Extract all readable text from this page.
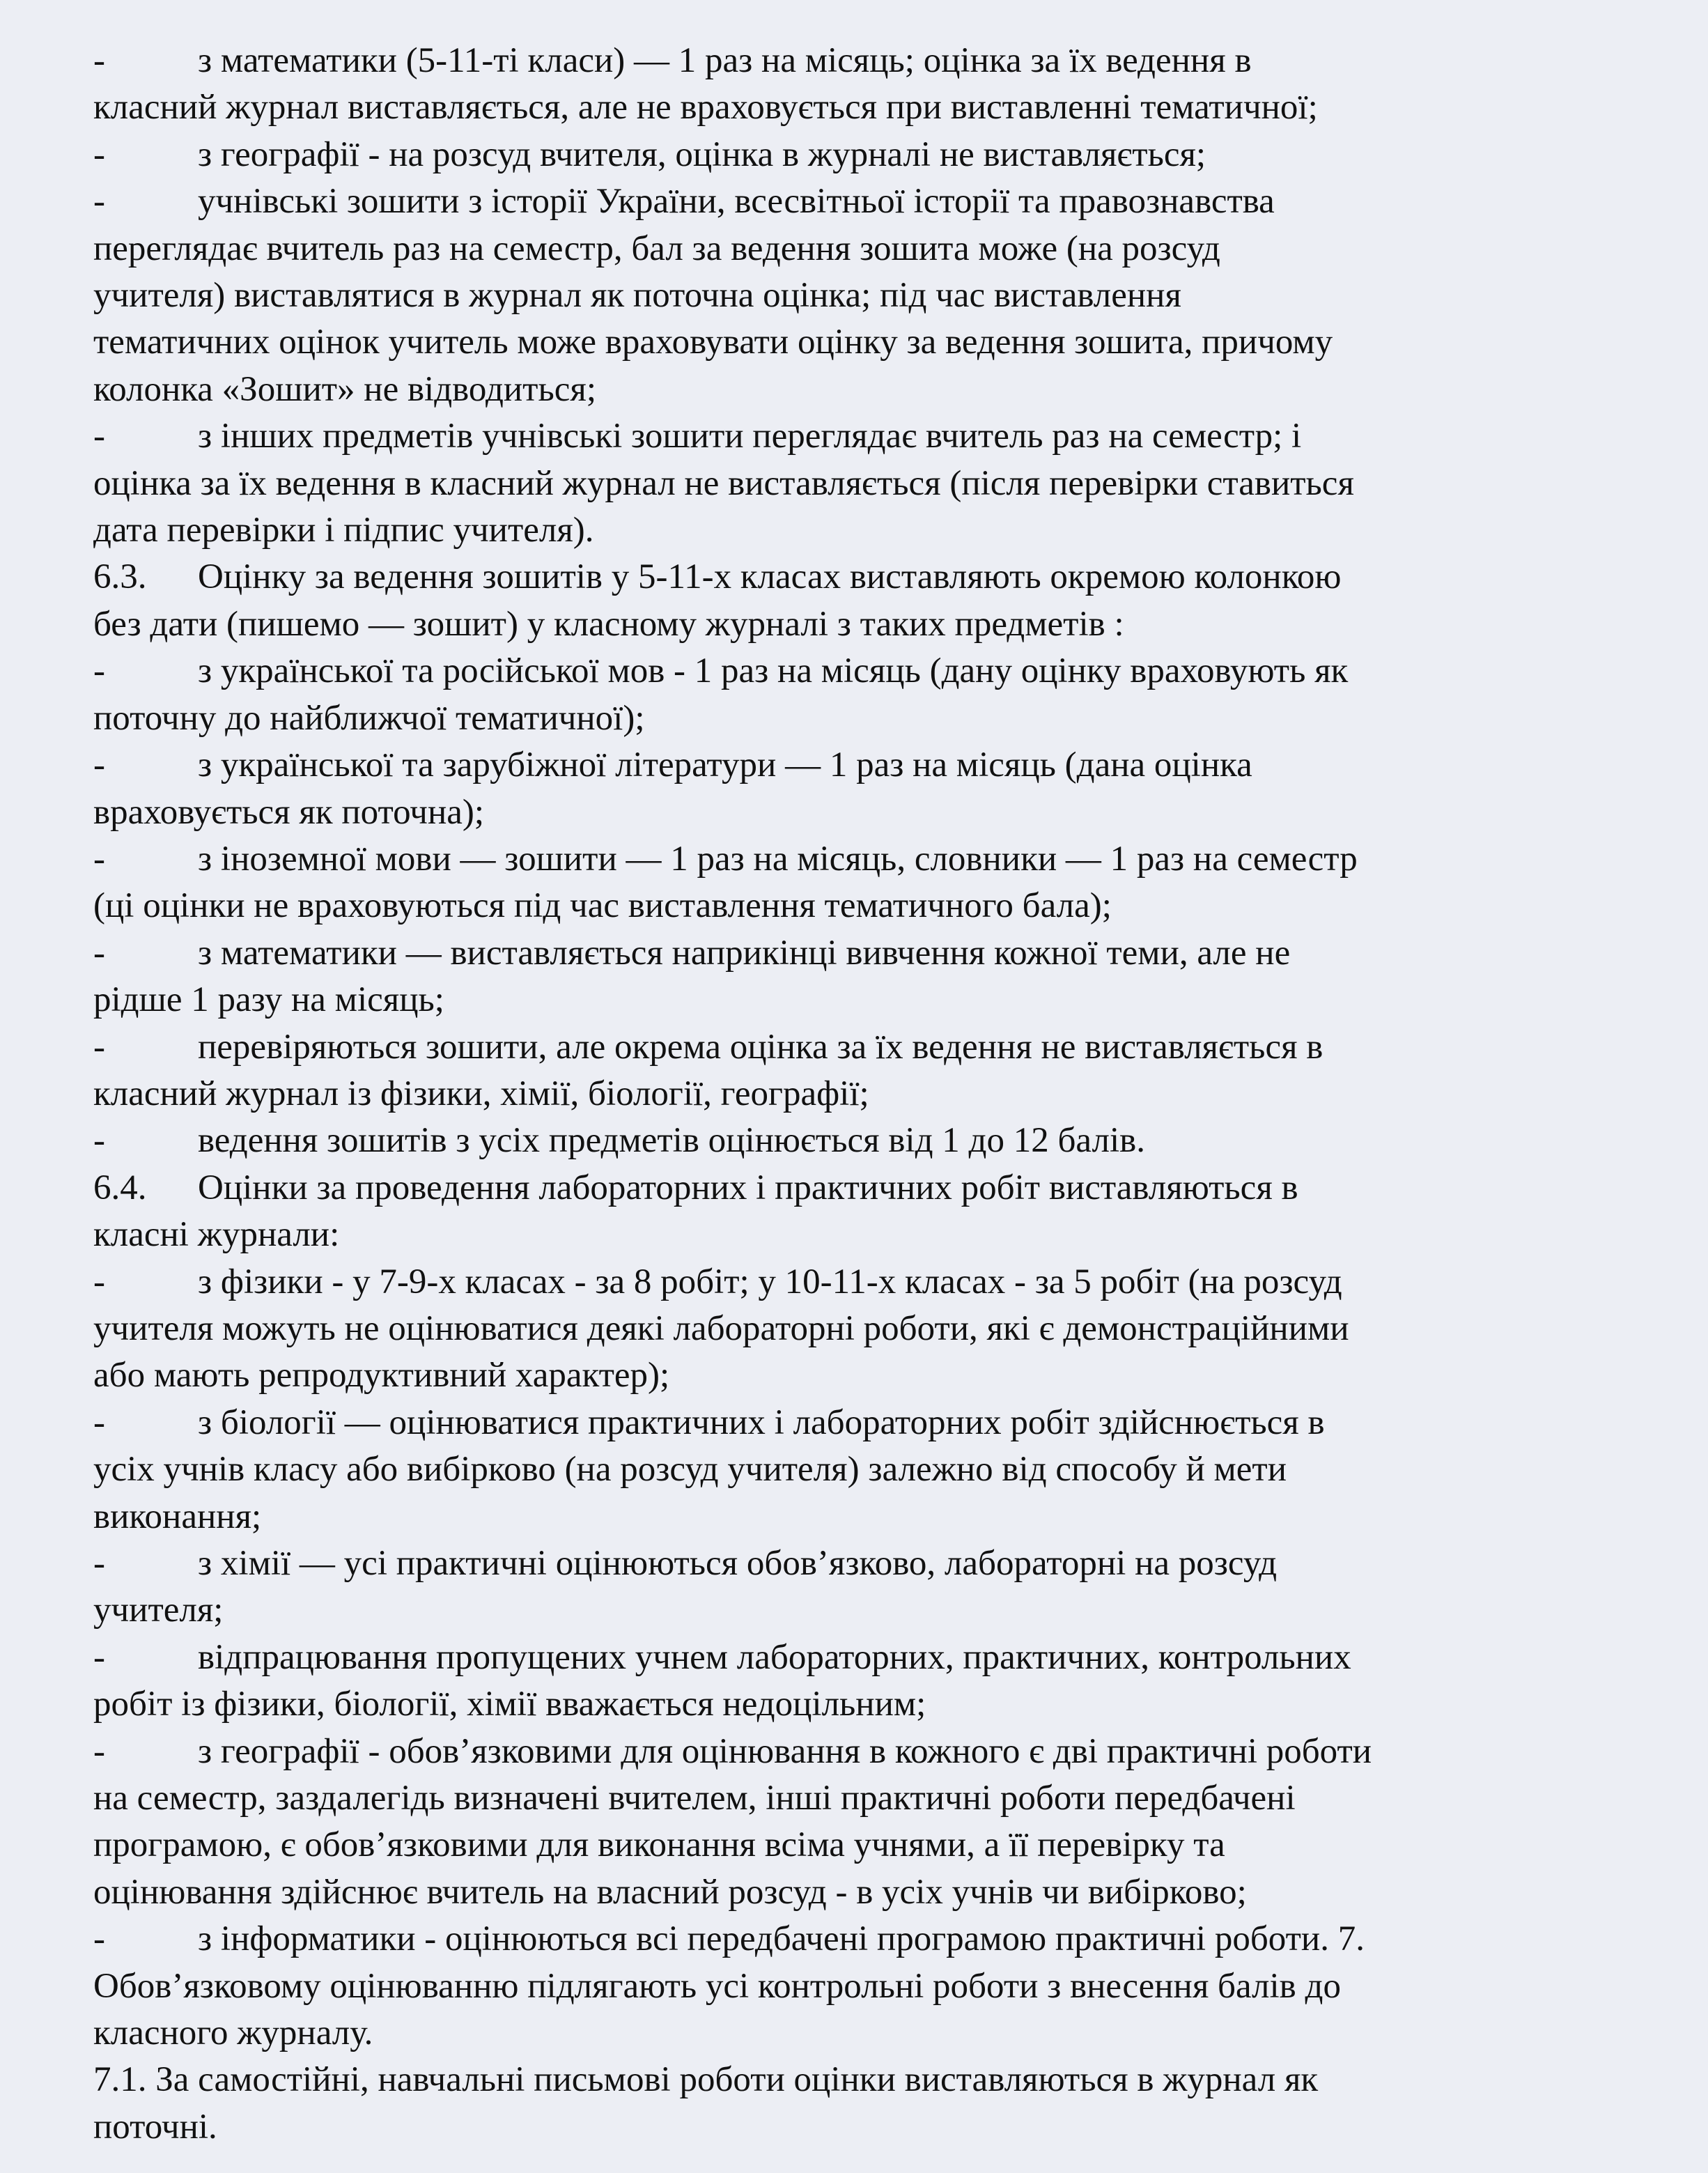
-	з математики (5-11-ті класи) — 1 раз на місяць; оцінка за їх ведення в
класний журнал виставляється, але не враховується при виставленні тематичної;
-	з географії - на розсуд вчителя, оцінка в журналі не виставляється;
-	учнівські зошити з історії України, всесвітньої історії та правознавства
переглядає вчитель раз на семестр, бал за ведення зошита може (на розсуд
учителя) виставлятися в журнал як поточна оцінка; під час виставлення
тематичних оцінок учитель може враховувати оцінку за ведення зошита, причому
колонка «Зошит» не відводиться;
-	з інших предметів учнівські зошити переглядає вчитель раз на семестр; і
оцінка за їх ведення в класний журнал не виставляється (після перевірки ставиться
дата перевірки і підпис учителя).
6.3. Оцінку за ведення зошитів у 5-11-х класах виставляють окремою колонкою
без дати (пишемо — зошит) у класному журналі з таких предметів :
-	з української та російської мов - 1 раз на місяць (дану оцінку враховують як
поточну до найближчої тематичної);
-	з української та зарубіжної літератури — 1 раз на місяць (дана оцінка
враховується як поточна);
-	з іноземної мови — зошити — 1 раз на місяць, словники — 1 раз на семестр
(ці оцінки не враховуються під час виставлення тематичного бала);
-	з математики — виставляється наприкінці вивчення кожної теми, але не
рідше 1 разу на місяць;
-	перевіряються зошити, але окрема оцінка за їх ведення не виставляється в
класний журнал із фізики, хімії, біології, географії;
-	ведення зошитів з усіх предметів оцінюється від 1 до 12 балів.
6.4. Оцінки за проведення лабораторних і практичних робіт виставляються в
класні журнали:
-	з фізики - у 7-9-х класах - за 8 робіт; у 10-11-х класах - за 5 робіт (на розсуд
учителя можуть не оцінюватися деякі лабораторні роботи, які є демонстраційними
або мають репродуктивний характер);
-	з біології — оцінюватися практичних і лабораторних робіт здійснюється в
усіх учнів класу або вибірково (на розсуд учителя) залежно від способу й мети
виконання;
-	з хімії — усі практичні оцінюються обов’язково, лабораторні на розсуд
учителя;
-	відпрацювання пропущених учнем лабораторних, практичних, контрольних
робіт із фізики, біології, хімії вважається недоцільним;
-	з географії - обов’язковими для оцінювання в кожного є дві практичні роботи
на семестр, заздалегідь визначені вчителем, інші практичні роботи передбачені
програмою, є обов’язковими для виконання всіма учнями, а її перевірку та
оцінювання здійснює вчитель на власний розсуд - в усіх учнів чи вибірково;
-	з інформатики - оцінюються всі передбачені програмою практичні роботи. 7.
Обов’язковому оцінюванню підлягають усі контрольні роботи з внесення балів до
класного журналу.
7.1. За самостійні, навчальні письмові роботи оцінки виставляються в журнал як
поточні.
